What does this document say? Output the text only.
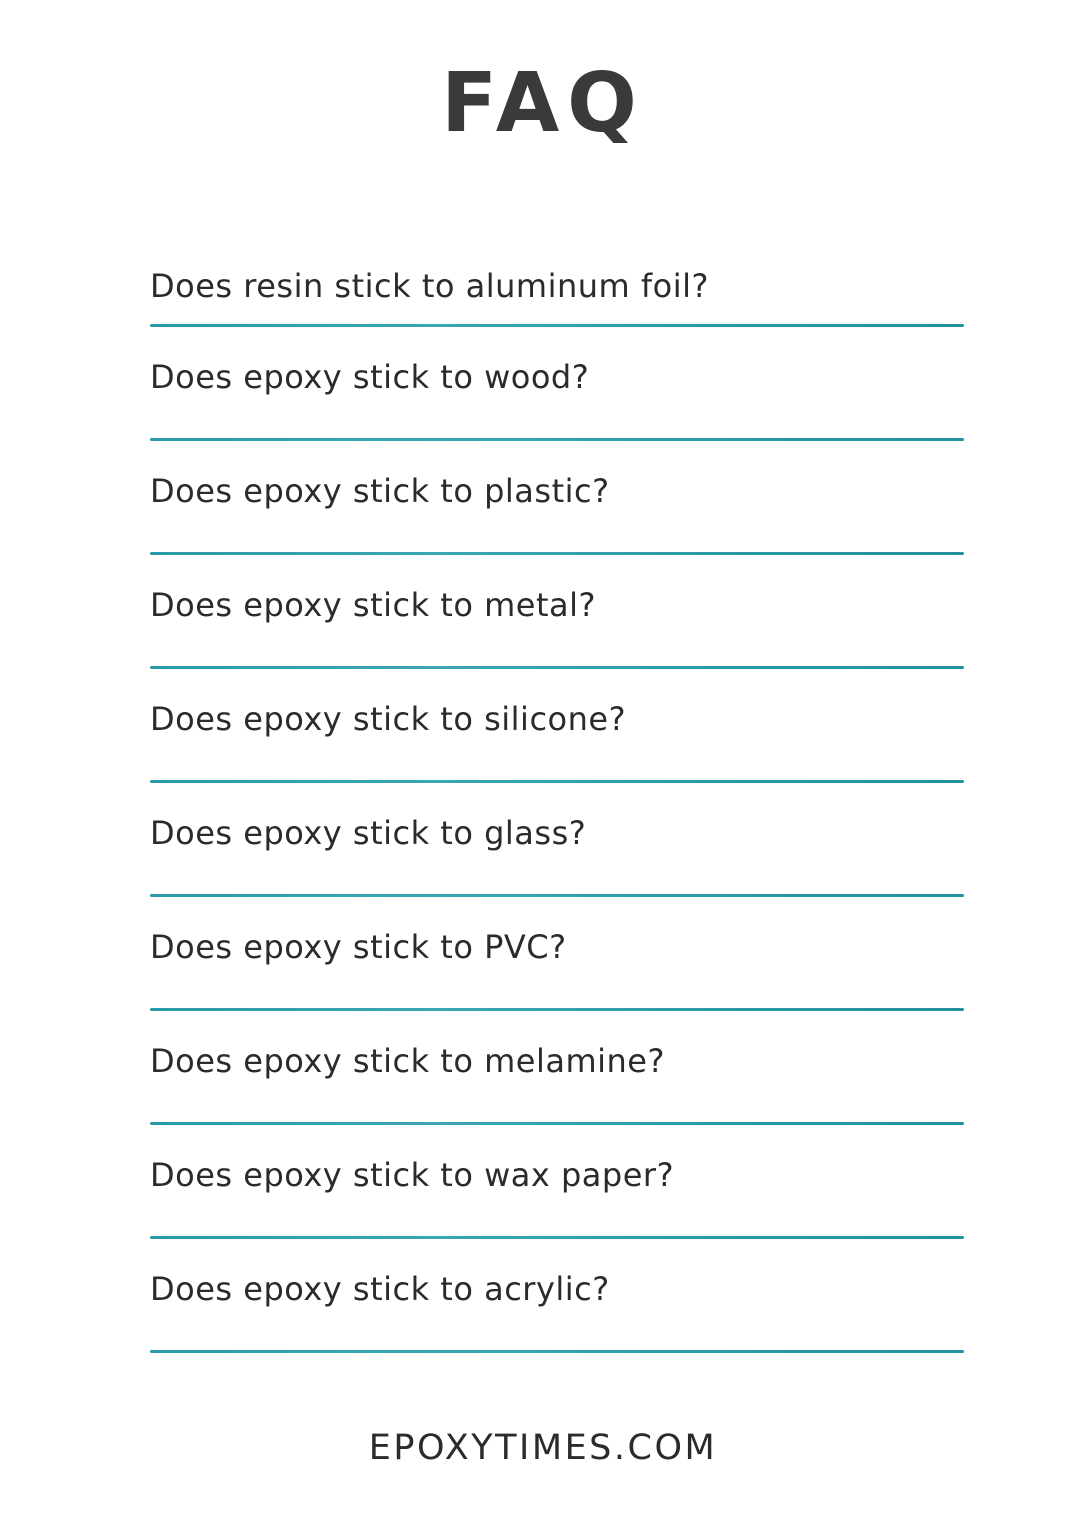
FAQ
Does resin stick to aluminum foil?
Does epoxy stick to wood?
Does epoxy stick to plastic?
Does epoxy stick to metal?
Does epoxy stick to silicone?
Does epoxy stick to glass?
Does epoxy stick to PVC?
Does epoxy stick to melamine?
Does epoxy stick to wax paper?
Does epoxy stick to acrylic?
EPOXYTIMES.COM
